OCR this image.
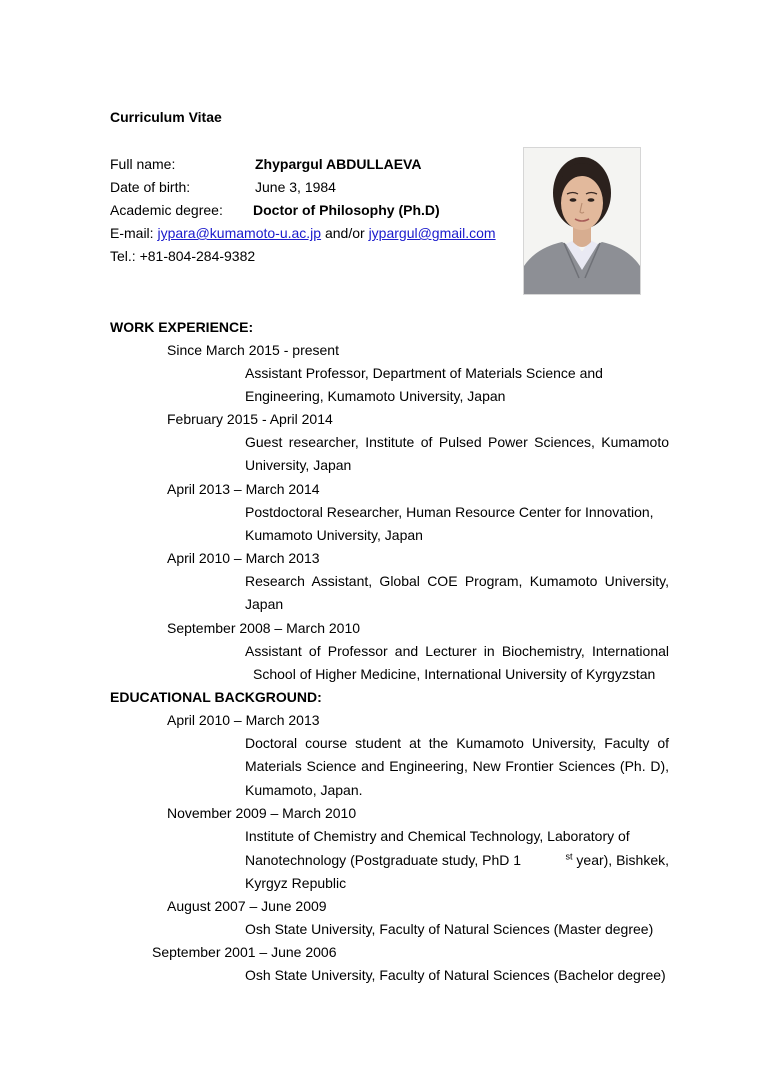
Curriculum Vitae
Full name:	Zhypargul ABDULLAEVA
Date of birth:	June 3, 1984
Academic degree: Doctor of Philosophy (Ph.D)
E-mail: jypara@kumamoto-u.ac.jp and/or jypargul@gmail.com
Tel.: +81-804-284-9382
WORK EXPERIENCE:
Since March 2015 - present
Assistant Professor, Department of Materials Science and
Engineering, Kumamoto University, Japan
February 2015 - April 2014
Guest researcher, Institute of Pulsed Power Sciences, Kumamoto
University, Japan
April 2013 – March 2014
Postdoctoral Researcher, Human Resource Center for Innovation,
Kumamoto University, Japan
April 2010 – March 2013
Research Assistant, Global COE Program, Kumamoto University,
Japan
September 2008 – March 2010
Assistant of Professor and Lecturer in Biochemistry, International
School of Higher Medicine, International University of Kyrgyzstan
EDUCATIONAL BACKGROUND:
April 2010 – March 2013
Doctoral course student at the Kumamoto University, Faculty of
Materials Science and Engineering, New Frontier Sciences (Ph. D),
Kumamoto, Japan.
November 2009 – March 2010
Institute of Chemistry and Chemical Technology, Laboratory of
Nanotechnology (Postgraduate study, PhD 1	$^{st}$ year), Bishkek,
Kyrgyz Republic
August 2007 – June 2009
Osh State University, Faculty of Natural Sciences (Master degree)
September 2001 – June 2006
Osh State University, Faculty of Natural Sciences (Bachelor degree)
